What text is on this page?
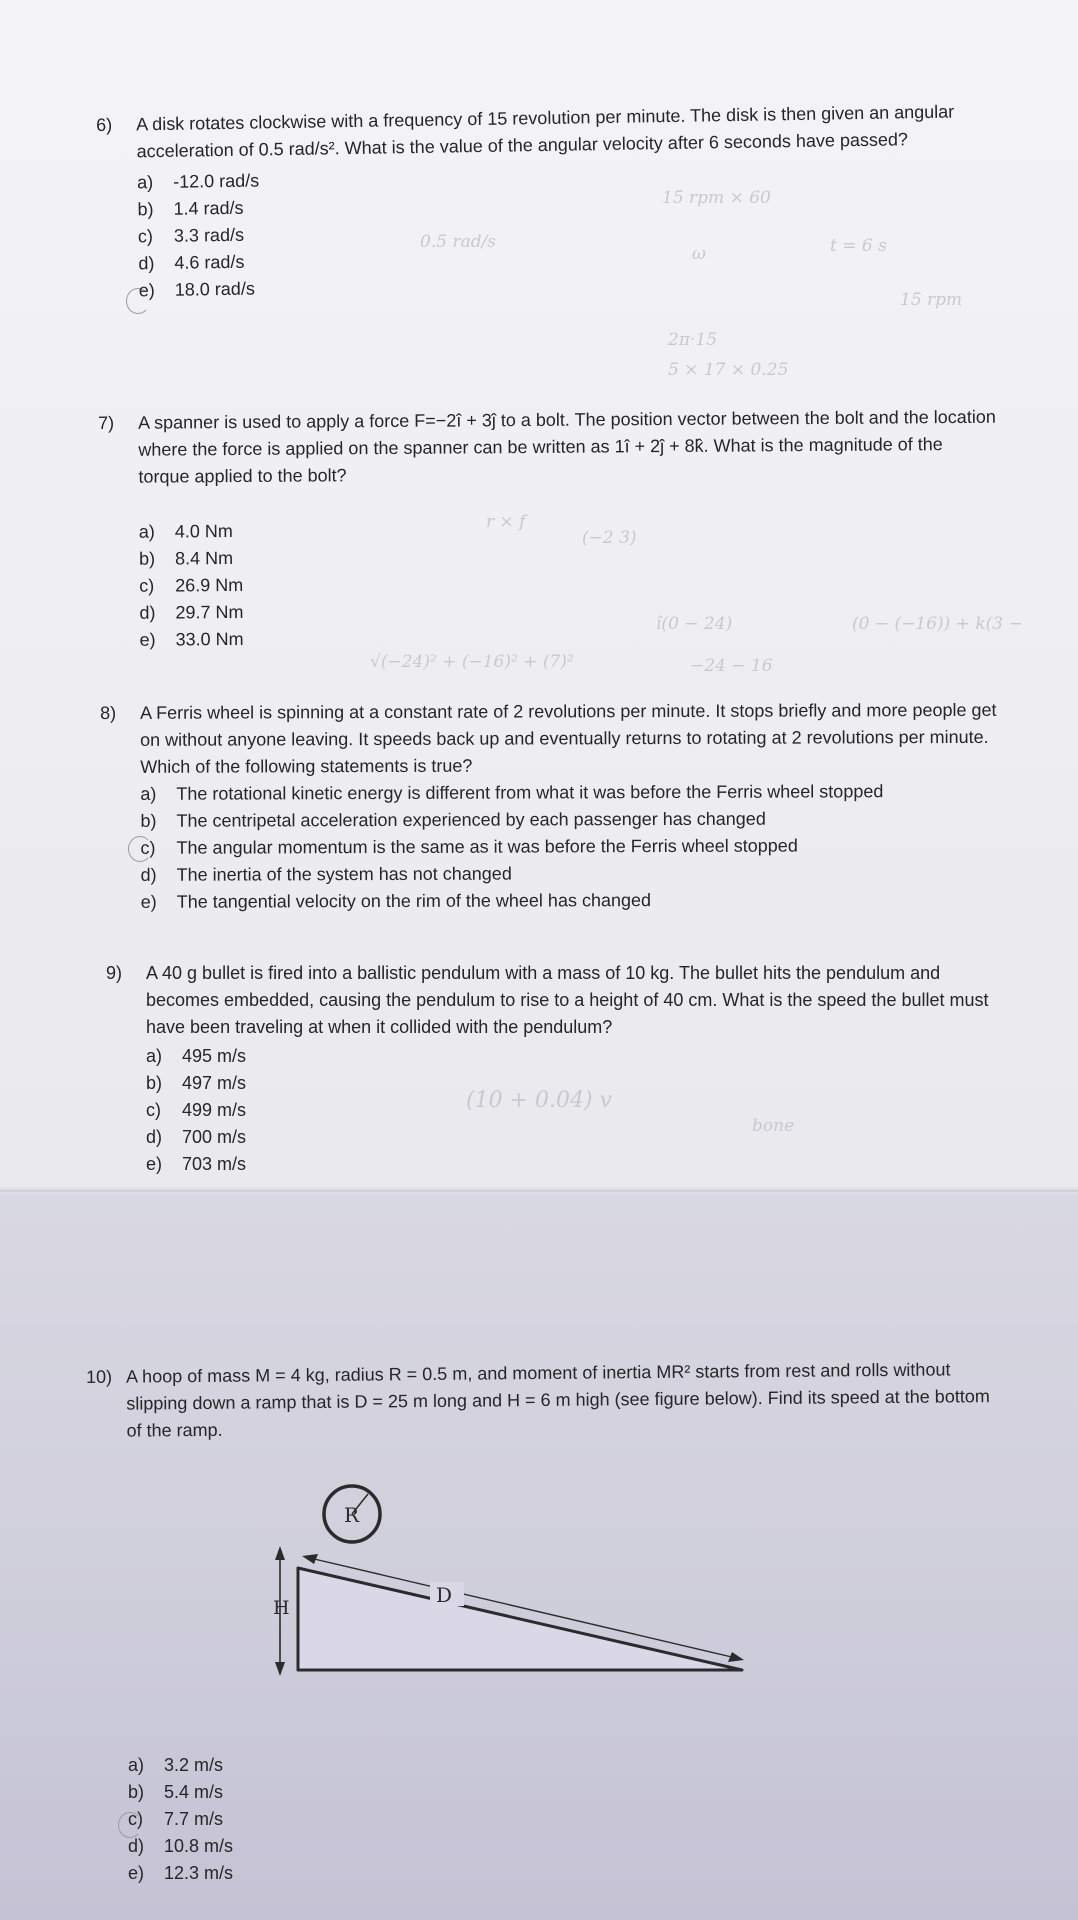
15 rpm × 60
0.5 rad/s
ω	t = 6 s
15 rpm
2π·15
5 × 17 × 0.25
r × f
(−2 3)
î(0 − 24)	(0 − (−16)) + k(3 −
√(−24)² + (−16)² + (7)²	−24 − 16
(10 + 0.04) v
bone
6) A disk rotates clockwise with a frequency of 15 revolution per minute. The disk is then given an angular acceleration of 0.5 rad/s². What is the value of the angular velocity after 6 seconds have passed?
a)	-12.0 rad/s
b)	1.4 rad/s
c)	3.3 rad/s
d)	4.6 rad/s
e)	18.0 rad/s
7) A spanner is used to apply a force F=−2î + 3ĵ to a bolt. The position vector between the bolt and the location where the force is applied on the spanner can be written as 1î + 2ĵ + 8k̂. What is the magnitude of the torque applied to the bolt?
a)	4.0 Nm
b)	8.4 Nm
c)	26.9 Nm
d)	29.7 Nm
e)	33.0 Nm
8) A Ferris wheel is spinning at a constant rate of 2 revolutions per minute. It stops briefly and more people get on without anyone leaving. It speeds back up and eventually returns to rotating at 2 revolutions per minute. Which of the following statements is true?
a)	The rotational kinetic energy is different from what it was before the Ferris wheel stopped
b)	The centripetal acceleration experienced by each passenger has changed
c)	The angular momentum is the same as it was before the Ferris wheel stopped
d)	The inertia of the system has not changed
e)	The tangential velocity on the rim of the wheel has changed
9) A 40 g bullet is fired into a ballistic pendulum with a mass of 10 kg. The bullet hits the pendulum and becomes embedded, causing the pendulum to rise to a height of 40 cm. What is the speed the bullet must have been traveling at when it collided with the pendulum?
a)	495 m/s
b)	497 m/s
c)	499 m/s
d)	700 m/s
e)	703 m/s
10) A hoop of mass M = 4 kg, radius R = 0.5 m, and moment of inertia MR² starts from rest and rolls without slipping down a ramp that is D = 25 m long and H = 6 m high (see figure below). Find its speed at the bottom of the ramp.
R
H
D
a)	3.2 m/s
b)	5.4 m/s
c)	7.7 m/s
d)	10.8 m/s
e)	12.3 m/s
